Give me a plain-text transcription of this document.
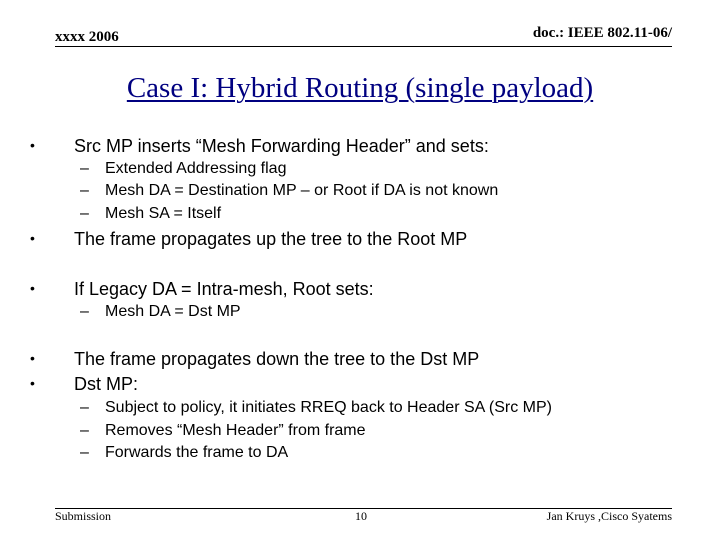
xxxx 2006	doc.: IEEE 802.11-06/
Case I: Hybrid Routing (single payload)
• Src MP inserts “Mesh Forwarding Header” and sets:
– Extended Addressing flag
– Mesh DA = Destination MP – or Root if DA is not known
– Mesh SA = Itself
• The frame propagates up the tree to the Root MP
• If Legacy DA = Intra-mesh, Root sets:
– Mesh DA = Dst MP
• The frame propagates down the tree to the Dst MP
• Dst MP:
– Subject to policy, it initiates RREQ back to Header SA (Src MP)
– Removes “Mesh Header” from frame
– Forwards the frame to DA
Submission	10	Jan Kruys ,Cisco Syatems
